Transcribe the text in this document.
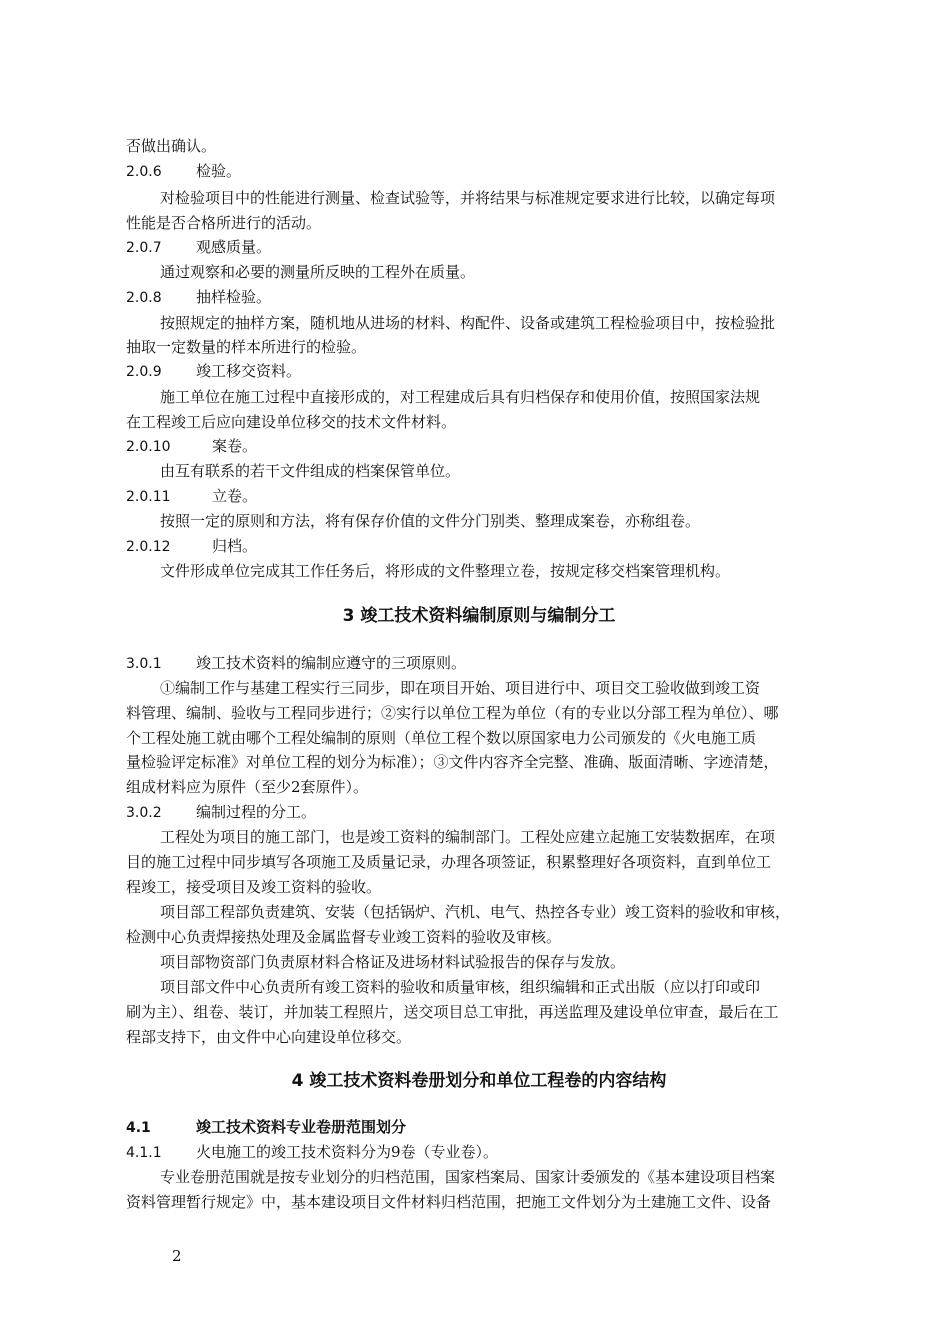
否做出确认。
2.0.6 检验。
对检验项目中的性能进行测量、检查试验等，并将结果与标准规定要求进行比较，以确定每项
性能是否合格所进行的活动。
2.0.7 观感质量。
通过观察和必要的测量所反映的工程外在质量。
2.0.8 抽样检验。
按照规定的抽样方案，随机地从进场的材料、构配件、设备或建筑工程检验项目中，按检验批
抽取一定数量的样本所进行的检验。
2.0.9 竣工移交资料。
施工单位在施工过程中直接形成的，对工程建成后具有归档保存和使用价值，按照国家法规
在工程竣工后应向建设单位移交的技术文件材料。
2.0.10	案卷。
由互有联系的若干文件组成的档案保管单位。
2.0.11	立卷。
按照一定的原则和方法，将有保存价值的文件分门别类、整理成案卷，亦称组卷。
2.0.12	归档。
文件形成单位完成其工作任务后，将形成的文件整理立卷，按规定移交档案管理机构。
3 竣工技术资料编制原则与编制分工
3.0.1 竣工技术资料的编制应遵守的三项原则。
①编制工作与基建工程实行三同步，即在项目开始、项目进行中、项目交工验收做到竣工资
料管理、编制、验收与工程同步进行；②实行以单位工程为单位（有的专业以分部工程为单位）、哪
个工程处施工就由哪个工程处编制的原则（单位工程个数以原国家电力公司颁发的《火电施工质
量检验评定标准》对单位工程的划分为标准）；③文件内容齐全完整、准确、版面清晰、字迹清楚，
组成材料应为原件（至少2套原件）。
3.0.2 编制过程的分工。
工程处为项目的施工部门，也是竣工资料的编制部门。工程处应建立起施工安装数据库，在项
目的施工过程中同步填写各项施工及质量记录，办理各项签证，积累整理好各项资料，直到单位工
程竣工，接受项目及竣工资料的验收。
项目部工程部负责建筑、安装（包括锅炉、汽机、电气、热控各专业）竣工资料的验收和审核，
检测中心负责焊接热处理及金属监督专业竣工资料的验收及审核。
项目部物资部门负责原材料合格证及进场材料试验报告的保存与发放。
项目部文件中心负责所有竣工资料的验收和质量审核，组织编辑和正式出版（应以打印或印
刷为主）、组卷、装订，并加装工程照片，送交项目总工审批，再送监理及建设单位审查，最后在工
程部支持下，由文件中心向建设单位移交。
4 竣工技术资料卷册划分和单位工程卷的内容结构
4.1	竣工技术资料专业卷册范围划分
4.1.1 火电施工的竣工技术资料分为9卷（专业卷）。
专业卷册范围就是按专业划分的归档范围，国家档案局、国家计委颁发的《基本建设项目档案
资料管理暂行规定》中，基本建设项目文件材料归档范围，把施工文件划分为土建施工文件、设备
2
